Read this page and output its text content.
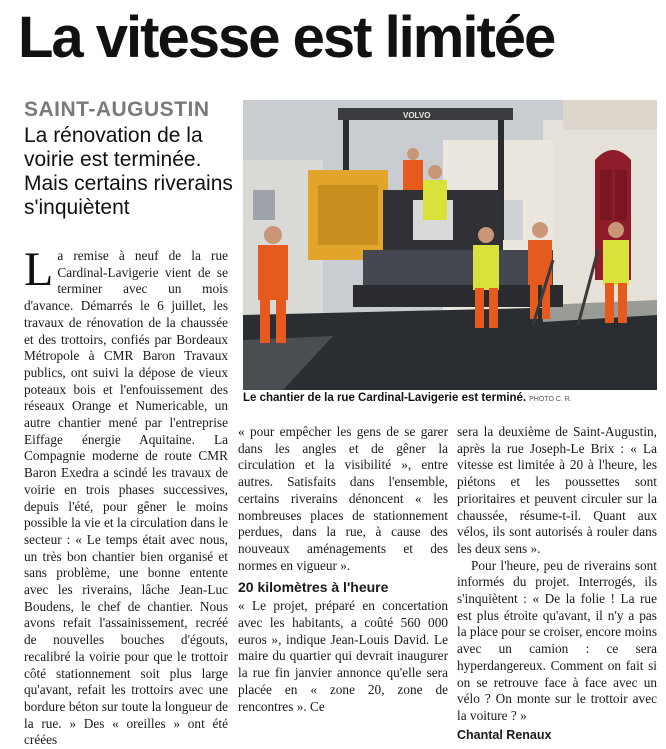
La vitesse est limitée
SAINT-AUGUSTIN
La rénovation de la voirie est terminée. Mais certains riverains s'inquiètent
VOLVO
Le chantier de la rue Cardinal-Lavigerie est terminé. PHOTO C. R.
L a remise à neuf de la rue Cardinal-Lavigerie vient de se terminer avec un mois d'avance. Démarrés le 6 juillet, les travaux de rénovation de la chaussée et des trottoirs, confiés par Bordeaux Métropole à CMR Baron Travaux publics, ont suivi la dépose de vieux poteaux bois et l'enfouissement des réseaux Orange et Numericable, un autre chantier mené par l'entreprise Eiffage énergie Aquitaine. La Compagnie moderne de route CMR Baron Exedra a scindé les travaux de voirie en trois phases successives, depuis l'été, pour gêner le moins possible la vie et la circulation dans le secteur : « Le temps était avec nous, un très bon chantier bien organisé et sans problème, une bonne entente avec les riverains, lâche Jean-Luc Boudens, le chef de chantier. Nous avons refait l'assainissement, recréé de nouvelles bouches d'égouts, recalibré la voirie pour que le trottoir côté stationnement soit plus large qu'avant, refait les trottoirs avec une bordure béton sur toute la longueur de la rue. » Des « oreilles » ont été créées

« pour empêcher les gens de se garer dans les angles et de gêner la circulation et la visibilité », entre autres. Satisfaits dans l'ensemble, certains riverains dénoncent « les nombreuses places de stationnement perdues, dans la rue, à cause des nouveaux aménagements et des normes en vigueur ».

20 kilomètres à l'heure

« Le projet, préparé en concertation avec les habitants, a coûté 560 000 euros », indique Jean-Louis David. Le maire du quartier qui devrait inaugurer la rue fin janvier annonce qu'elle sera placée en « zone 20, zone de rencontres ». Ce

sera la deuxième de Saint-Augustin, après la rue Joseph-Le Brix : « La vitesse est limitée à 20 à l'heure, les piétons et les poussettes sont prioritaires et peuvent circuler sur la chaussée, résume-t-il. Quant aux vélos, ils sont autorisés à rouler dans les deux sens ».

Pour l'heure, peu de riverains sont informés du projet. Interrogés, ils s'inquiètent : « De la folie ! La rue est plus étroite qu'avant, il n'y a pas la place pour se croiser, encore moins avec un camion : ce sera hyperdangereux. Comment on fait si on se retrouve face à face avec un vélo ? On monte sur le trottoir avec la voiture ? »

Chantal Renaux
